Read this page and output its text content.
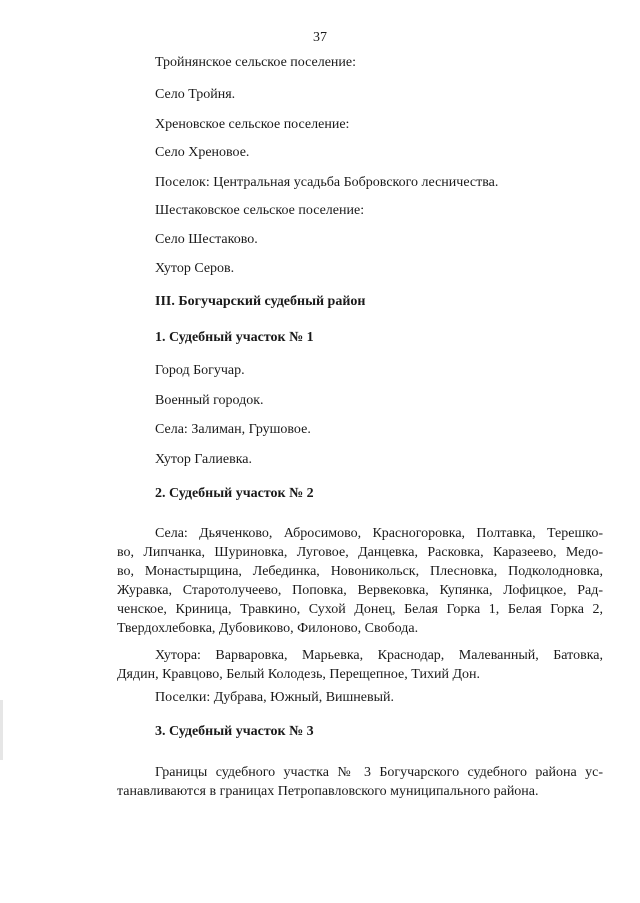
37
Тройнянское сельское поселение:
Село Тройня.
Хреновское сельское поселение:
Село Хреновое.
Поселок: Центральная усадьба Бобровского лесничества.
Шестаковское сельское поселение:
Село Шестаково.
Хутор Серов.
III. Богучарский судебный район
1. Судебный участок № 1
Город Богучар.
Военный городок.
Села: Залиман, Грушовое.
Хутор Галиевка.
2. Судебный участок № 2
Села: Дьяченково, Абросимово, Красногоровка, Полтавка, Терешко-
во, Липчанка, Шуриновка, Луговое, Данцевка, Расковка, Каразеево, Медо-
во, Монастырщина, Лебединка, Новоникольск, Плесновка, Подколодновка,
Журавка, Старотолучеево, Поповка, Вервековка, Купянка, Лофицкое, Рад-
ченское, Криница, Травкино, Сухой Донец, Белая Горка 1, Белая Горка 2,
Твердохлебовка, Дубовиково, Филоново, Свобода.
Хутора: Варваровка, Марьевка, Краснодар, Малеванный, Батовка,
Дядин, Кравцово, Белый Колодезь, Перещепное, Тихий Дон.
Поселки: Дубрава, Южный, Вишневый.
3. Судебный участок № 3
Границы судебного участка № 3 Богучарского судебного района ус-
танавливаются в границах Петропавловского муниципального района.
